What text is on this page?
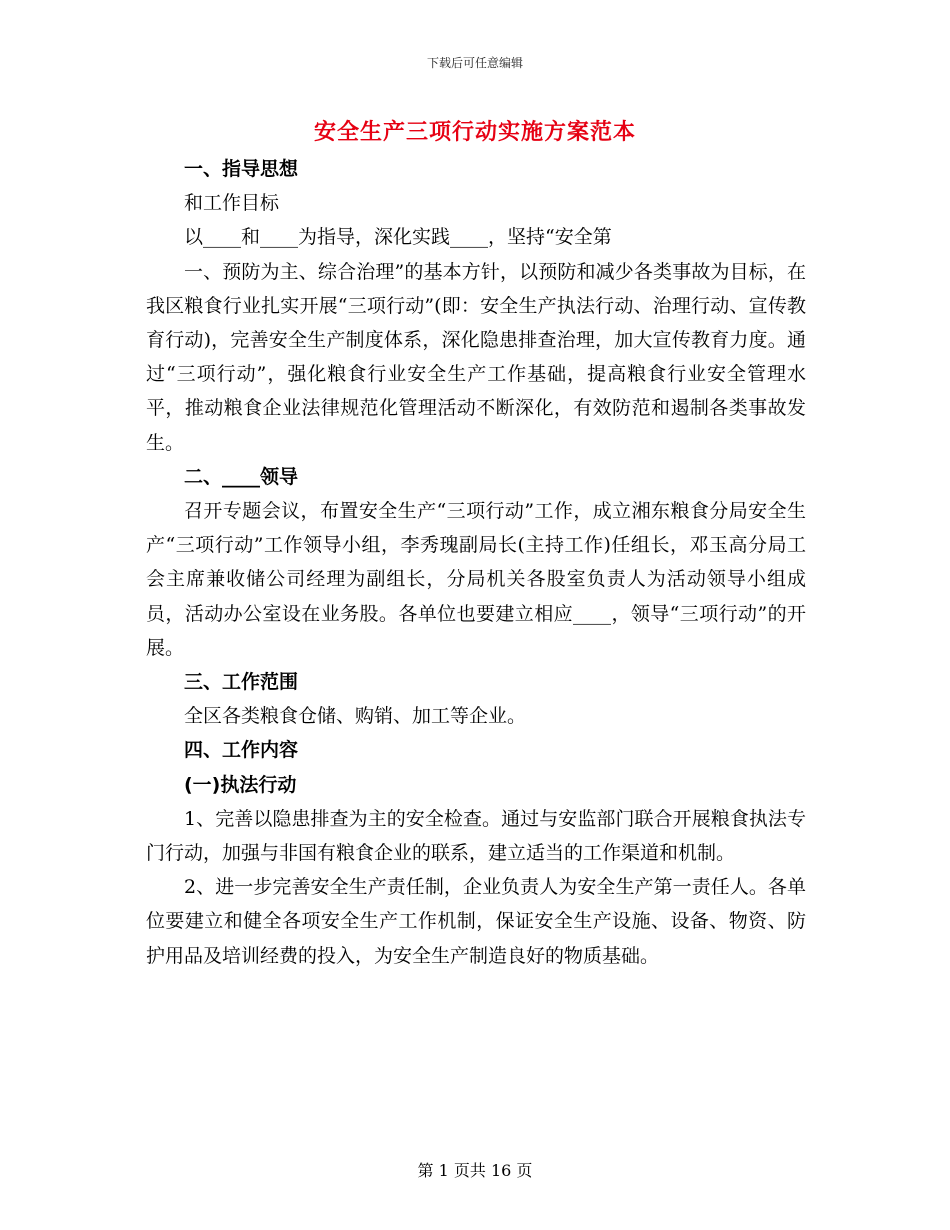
下载后可任意编辑
安全生产三项行动实施方案范本

一、指导思想

和工作目标

以____和____为指导，深化实践____，坚持“安全第

一、预防为主、综合治理”的基本方针，以预防和减少各类事故为目标，在我区粮食行业扎实开展“三项行动”(即：安全生产执法行动、治理行动、宣传教育行动)，完善安全生产制度体系，深化隐患排查治理，加大宣传教育力度。通过“三项行动”，强化粮食行业安全生产工作基础，提高粮食行业安全管理水平，推动粮食企业法律规范化管理活动不断深化，有效防范和遏制各类事故发生。

二、____领导

召开专题会议，布置安全生产“三项行动”工作，成立湘东粮食分局安全生产“三项行动”工作领导小组，李秀瑰副局长(主持工作)任组长，邓玉高分局工会主席兼收储公司经理为副组长，分局机关各股室负责人为活动领导小组成员，活动办公室设在业务股。各单位也要建立相应____，领导“三项行动”的开展。

三、工作范围

全区各类粮食仓储、购销、加工等企业。

四、工作内容

(一)执法行动

1、完善以隐患排查为主的安全检查。通过与安监部门联合开展粮食执法专门行动，加强与非国有粮食企业的联系，建立适当的工作渠道和机制。

2、进一步完善安全生产责任制，企业负责人为安全生产第一责任人。各单位要建立和健全各项安全生产工作机制，保证安全生产设施、设备、物资、防护用品及培训经费的投入，为安全生产制造良好的物质基础。

第 1 页共 16 页
